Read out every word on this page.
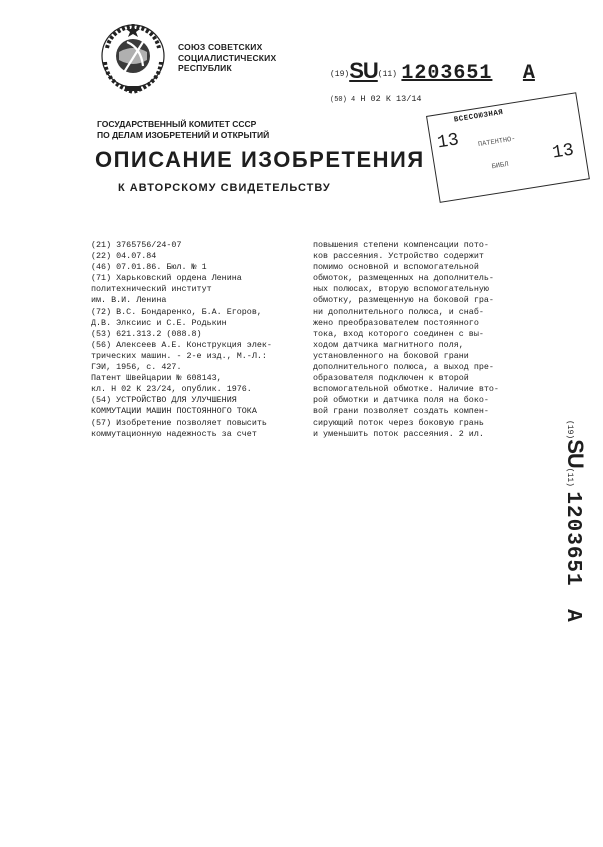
СОЮЗ СОВЕТСКИХ
СОЦИАЛИСТИЧЕСКИХ
РЕСПУБЛИК
(19)SU(11) 1203651 A
(50) 4 Н 02 К 13/14
ГОСУДАРСТВЕННЫЙ КОМИТЕТ СССР
ПО ДЕЛАМ ИЗОБРЕТЕНИЙ И ОТКРЫТИЙ
ОПИСАНИЕ ИЗОБРЕТЕНИЯ
К АВТОРСКОМУ СВИДЕТЕЛЬСТВУ
ВСЕСОЮЗНАЯ
13 ПАТЕНТНО-
БИБЛ
13
(21) 3765756/24-07
(22) 04.07.84
(46) 07.01.86. Бюл. № 1
(71) Харьковский ордена Ленина
политехнический институт
им. В.И. Ленина
(72) В.С. Бондаренко, Б.А. Егоров,
Д.В. Элксиис и С.Е. Родькин
(53) 621.313.2 (088.8)
(56) Алексеев А.Е. Конструкция элек-
трических машин. - 2-е изд., М.-Л.:
ГЭИ, 1956, с. 427.
Патент Швейцарии № 608143,
кл. Н 02 К 23/24, опублик. 1976.
(54) УСТРОЙСТВО ДЛЯ УЛУЧШЕНИЯ
КОММУТАЦИИ МАШИН ПОСТОЯННОГО ТОКА
(57) Изобретение позволяет повысить
коммутационную надежность за счет
повышения степени компенсации пото-
ков рассеяния. Устройство содержит
помимо основной и вспомогательной
обмоток, размещенных на дополнитель-
ных полюсах, вторую вспомогательную
обмотку, размещенную на боковой гра-
ни дополнительного полюса, и снаб-
жено преобразователем постоянного
тока, вход которого соединен с вы-
ходом датчика магнитного поля,
установленного на боковой грани
дополнительного полюса, а выход пре-
образователя подключен к второй
вспомогательной обмотке. Наличие вто-
рой обмотки и датчика поля на боко-
вой грани позволяет создать компен-
сирующий поток через боковую грань
и уменьшить поток рассеяния. 2 ил.	(19)SU(11) 1203651 A
